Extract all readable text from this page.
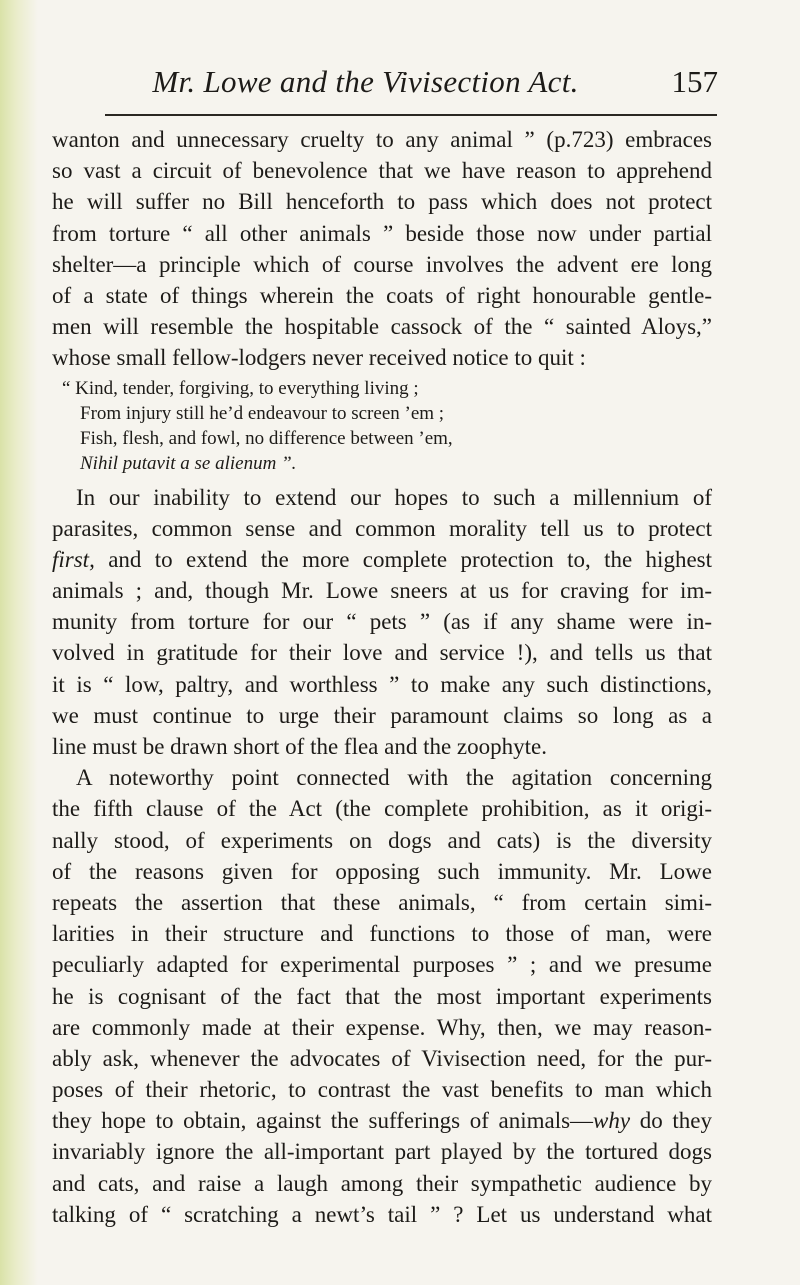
Mr. Lowe and the Vivisection Act.	157
wanton and unnecessary cruelty to any animal ” (p.723) embraces
so vast a circuit of benevolence that we have reason to apprehend
he will suffer no Bill henceforth to pass which does not protect
from torture “ all other animals ” beside those now under partial
shelter—a principle which of course involves the advent ere long
of a state of things wherein the coats of right honourable gentle-
men will resemble the hospitable cassock of the “ sainted Aloys,”
whose small fellow-lodgers never received notice to quit :
“ Kind, tender, forgiving, to everything living ;
From injury still he’d endeavour to screen ’em ;
Fish, flesh, and fowl, no difference between ’em,
Nihil putavit a se alienum ”.
In our inability to extend our hopes to such a millennium of
parasites, common sense and common morality tell us to protect
first, and to extend the more complete protection to, the highest
animals ; and, though Mr. Lowe sneers at us for craving for im-
munity from torture for our “ pets ” (as if any shame were in-
volved in gratitude for their love and service !), and tells us that
it is “ low, paltry, and worthless ” to make any such distinctions,
we must continue to urge their paramount claims so long as a
line must be drawn short of the flea and the zoophyte.
A noteworthy point connected with the agitation concerning
the fifth clause of the Act (the complete prohibition, as it origi-
nally stood, of experiments on dogs and cats) is the diversity
of the reasons given for opposing such immunity. Mr. Lowe
repeats the assertion that these animals, “ from certain simi-
larities in their structure and functions to those of man, were
peculiarly adapted for experimental purposes ” ; and we presume
he is cognisant of the fact that the most important experiments
are commonly made at their expense. Why, then, we may reason-
ably ask, whenever the advocates of Vivisection need, for the pur-
poses of their rhetoric, to contrast the vast benefits to man which
they hope to obtain, against the sufferings of animals—why do they
invariably ignore the all-important part played by the tortured dogs
and cats, and raise a laugh among their sympathetic audience by
talking of “ scratching a newt’s tail ” ? Let us understand what
